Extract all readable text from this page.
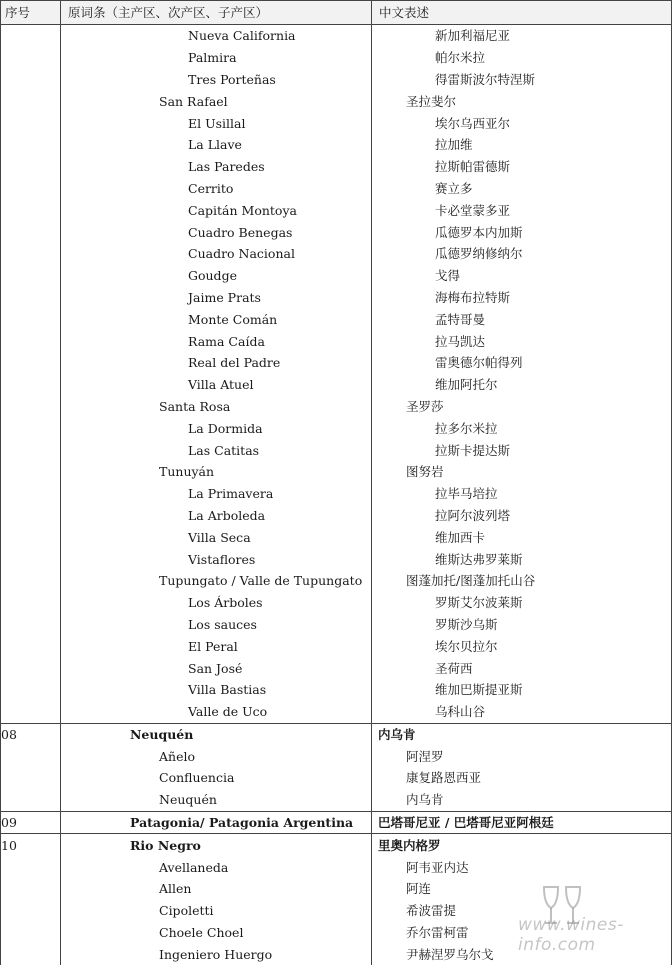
序号	原词条（主产区、次产区、子产区）	中文表述
	Nueva California	新加利福尼亚
	Palmira	帕尔米拉
	Tres Porteñas	得雷斯波尔特涅斯
	San Rafael	圣拉斐尔
	El Usillal	埃尔乌西亚尔
	La Llave	拉加维
	Las Paredes	拉斯帕雷德斯
	Cerrito	赛立多
	Capitán Montoya	卡必堂蒙多亚
	Cuadro Benegas	瓜德罗本内加斯
	Cuadro Nacional	瓜德罗纳修纳尔
	Goudge	戈得
	Jaime Prats	海梅布拉特斯
	Monte Comán	孟特哥曼
	Rama Caída	拉马凯达
	Real del Padre	雷奥德尔帕得列
	Villa Atuel	维加阿托尔
	Santa Rosa	圣罗莎
	La Dormida	拉多尔米拉
	Las Catitas	拉斯卡提达斯
	Tunuyán	图努岩
	La Primavera	拉毕马培拉
	La Arboleda	拉阿尔波列塔
	Villa Seca	维加西卡
	Vistaflores	维斯达弗罗莱斯
	Tupungato / Valle de Tupungato	图蓬加托/图蓬加托山谷
	Los Árboles	罗斯艾尔波莱斯
	Los sauces	罗斯沙乌斯
	El Peral	埃尔贝拉尔
	San José	圣荷西
	Villa Bastias	维加巴斯提亚斯
	Valle de Uco	乌科山谷
08	Neuquén	内乌肯
	Añelo	阿涅罗
	Confluencia	康复路恩西亚
	Neuquén	内乌肯
09	Patagonia/ Patagonia Argentina	巴塔哥尼亚 / 巴塔哥尼亚阿根廷
10	Rio Negro	里奥内格罗
	Avellaneda	阿韦亚内达
	Allen	阿连
	Cipoletti	希波雷提
	Choele Choel	乔尔雷柯雷
	Ingeniero Huergo	尹赫涅罗乌尔戈
www.wines-info.com
